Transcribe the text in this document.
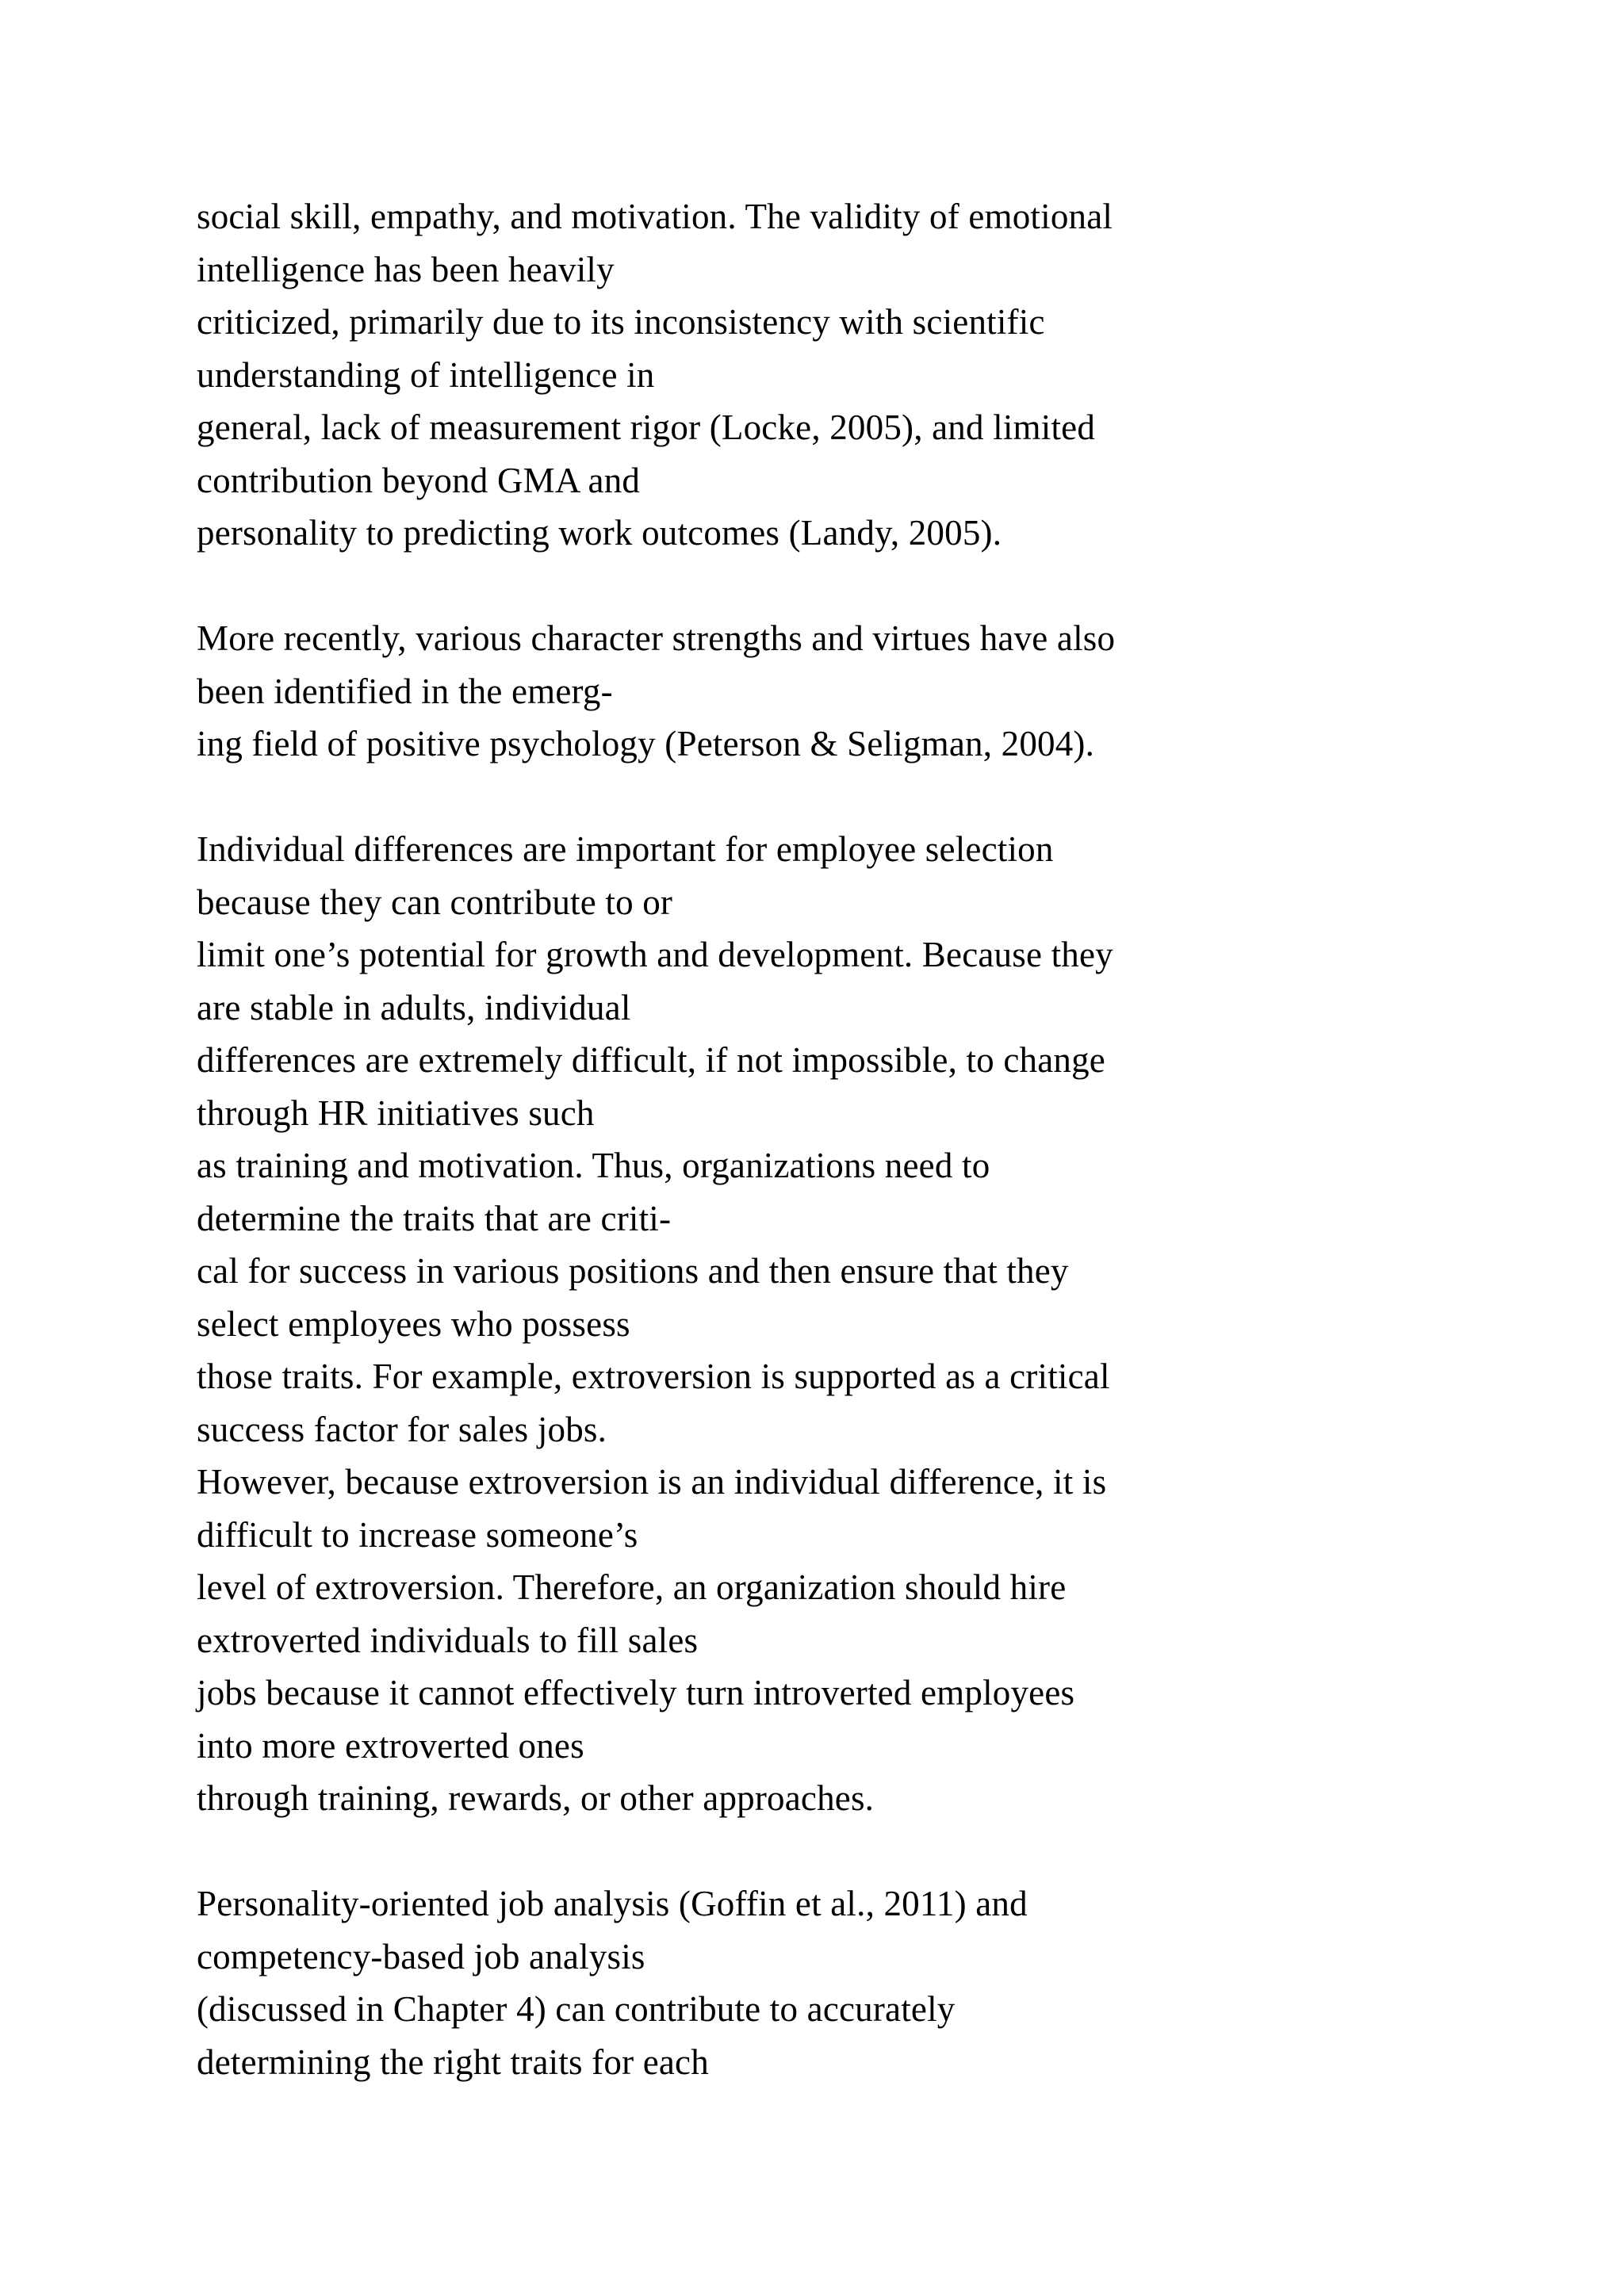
social skill, empathy, and motivation. The validity of emotional
intelligence has been heavily
criticized, primarily due to its inconsistency with scientific
understanding of intelligence in
general, lack of measurement rigor (Locke, 2005), and limited
contribution beyond GMA and
personality to predicting work outcomes (Landy, 2005).
More recently, various character strengths and virtues have also
been identified in the emerg-
ing field of positive psychology (Peterson & Seligman, 2004).
Individual differences are important for employee selection
because they can contribute to or
limit one’s potential for growth and development. Because they
are stable in adults, individual
differences are extremely difficult, if not impossible, to change
through HR initiatives such
as training and motivation. Thus, organizations need to
determine the traits that are criti-
cal for success in various positions and then ensure that they
select employees who possess
those traits. For example, extroversion is supported as a critical
success factor for sales jobs.
However, because extroversion is an individual difference, it is
difficult to increase someone’s
level of extroversion. Therefore, an organization should hire
extroverted individuals to fill sales
jobs because it cannot effectively turn introverted employees
into more extroverted ones
through training, rewards, or other approaches.
Personality-oriented job analysis (Goffin et al., 2011) and
competency-based job analysis
(discussed in Chapter 4) can contribute to accurately
determining the right traits for each
